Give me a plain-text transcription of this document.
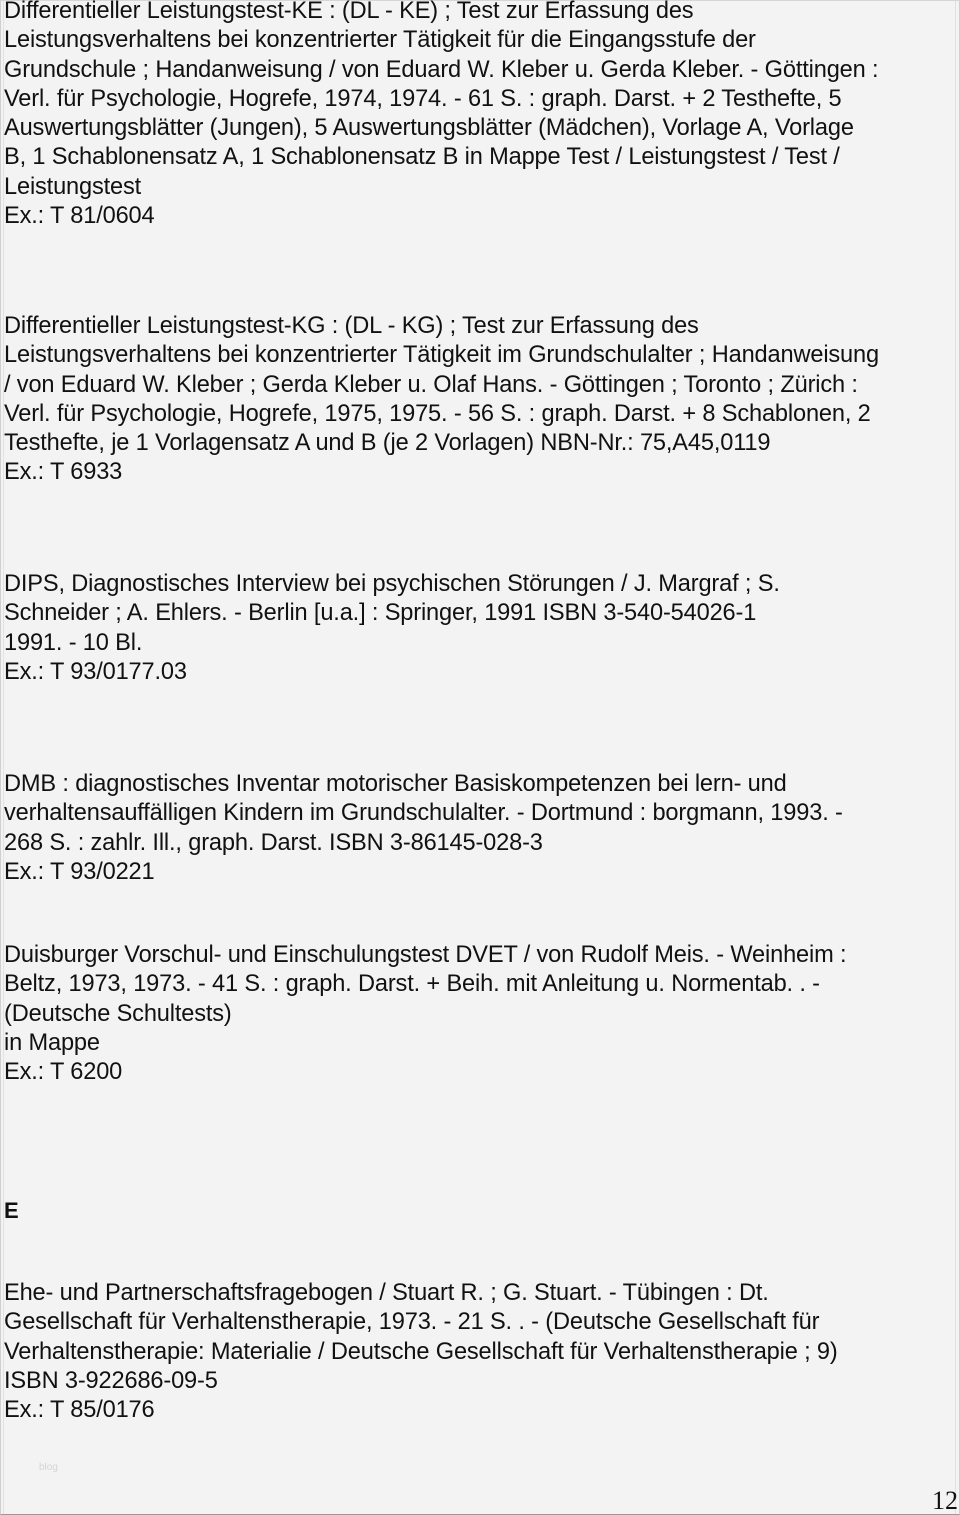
Differentieller Leistungstest-KE : (DL - KE) ; Test zur Erfassung des
Leistungsverhaltens bei konzentrierter Tätigkeit für die Eingangsstufe der
Grundschule ; Handanweisung / von Eduard W. Kleber u. Gerda Kleber. - Göttingen :
Verl. für Psychologie, Hogrefe, 1974, 1974. - 61 S. : graph. Darst. + 2 Testhefte, 5
Auswertungsblätter (Jungen), 5 Auswertungsblätter (Mädchen), Vorlage A, Vorlage
B, 1 Schablonensatz A, 1 Schablonensatz B in Mappe Test / Leistungstest / Test /
Leistungstest
Ex.: T 81/0604
Differentieller Leistungstest-KG : (DL - KG) ; Test zur Erfassung des
Leistungsverhaltens bei konzentrierter Tätigkeit im Grundschulalter ; Handanweisung
/ von Eduard W. Kleber ; Gerda Kleber u. Olaf Hans. - Göttingen ; Toronto ; Zürich :
Verl. für Psychologie, Hogrefe, 1975, 1975. - 56 S. : graph. Darst. + 8 Schablonen, 2
Testhefte, je 1 Vorlagensatz A und B (je 2 Vorlagen) NBN-Nr.: 75,A45,0119
Ex.: T 6933
DIPS, Diagnostisches Interview bei psychischen Störungen / J. Margraf ; S.
Schneider ; A. Ehlers. - Berlin [u.a.] : Springer, 1991 ISBN 3-540-54026-1
1991. - 10 Bl.
Ex.: T 93/0177.03
DMB : diagnostisches Inventar motorischer Basiskompetenzen bei lern- und
verhaltensauffälligen Kindern im Grundschulalter. - Dortmund : borgmann, 1993. -
268 S. : zahlr. Ill., graph. Darst. ISBN 3-86145-028-3
Ex.: T 93/0221
Duisburger Vorschul- und Einschulungstest DVET / von Rudolf Meis. - Weinheim :
Beltz, 1973, 1973. - 41 S. : graph. Darst. + Beih. mit Anleitung u. Normentab. . -
(Deutsche Schultests)
in Mappe
Ex.: T 6200
E
Ehe- und Partnerschaftsfragebogen / Stuart R. ; G. Stuart. - Tübingen : Dt.
Gesellschaft für Verhaltenstherapie, 1973. - 21 S. . - (Deutsche Gesellschaft für
Verhaltenstherapie: Materialie / Deutsche Gesellschaft für Verhaltenstherapie ; 9)
ISBN 3-922686-09-5
Ex.: T 85/0176
blog
12
